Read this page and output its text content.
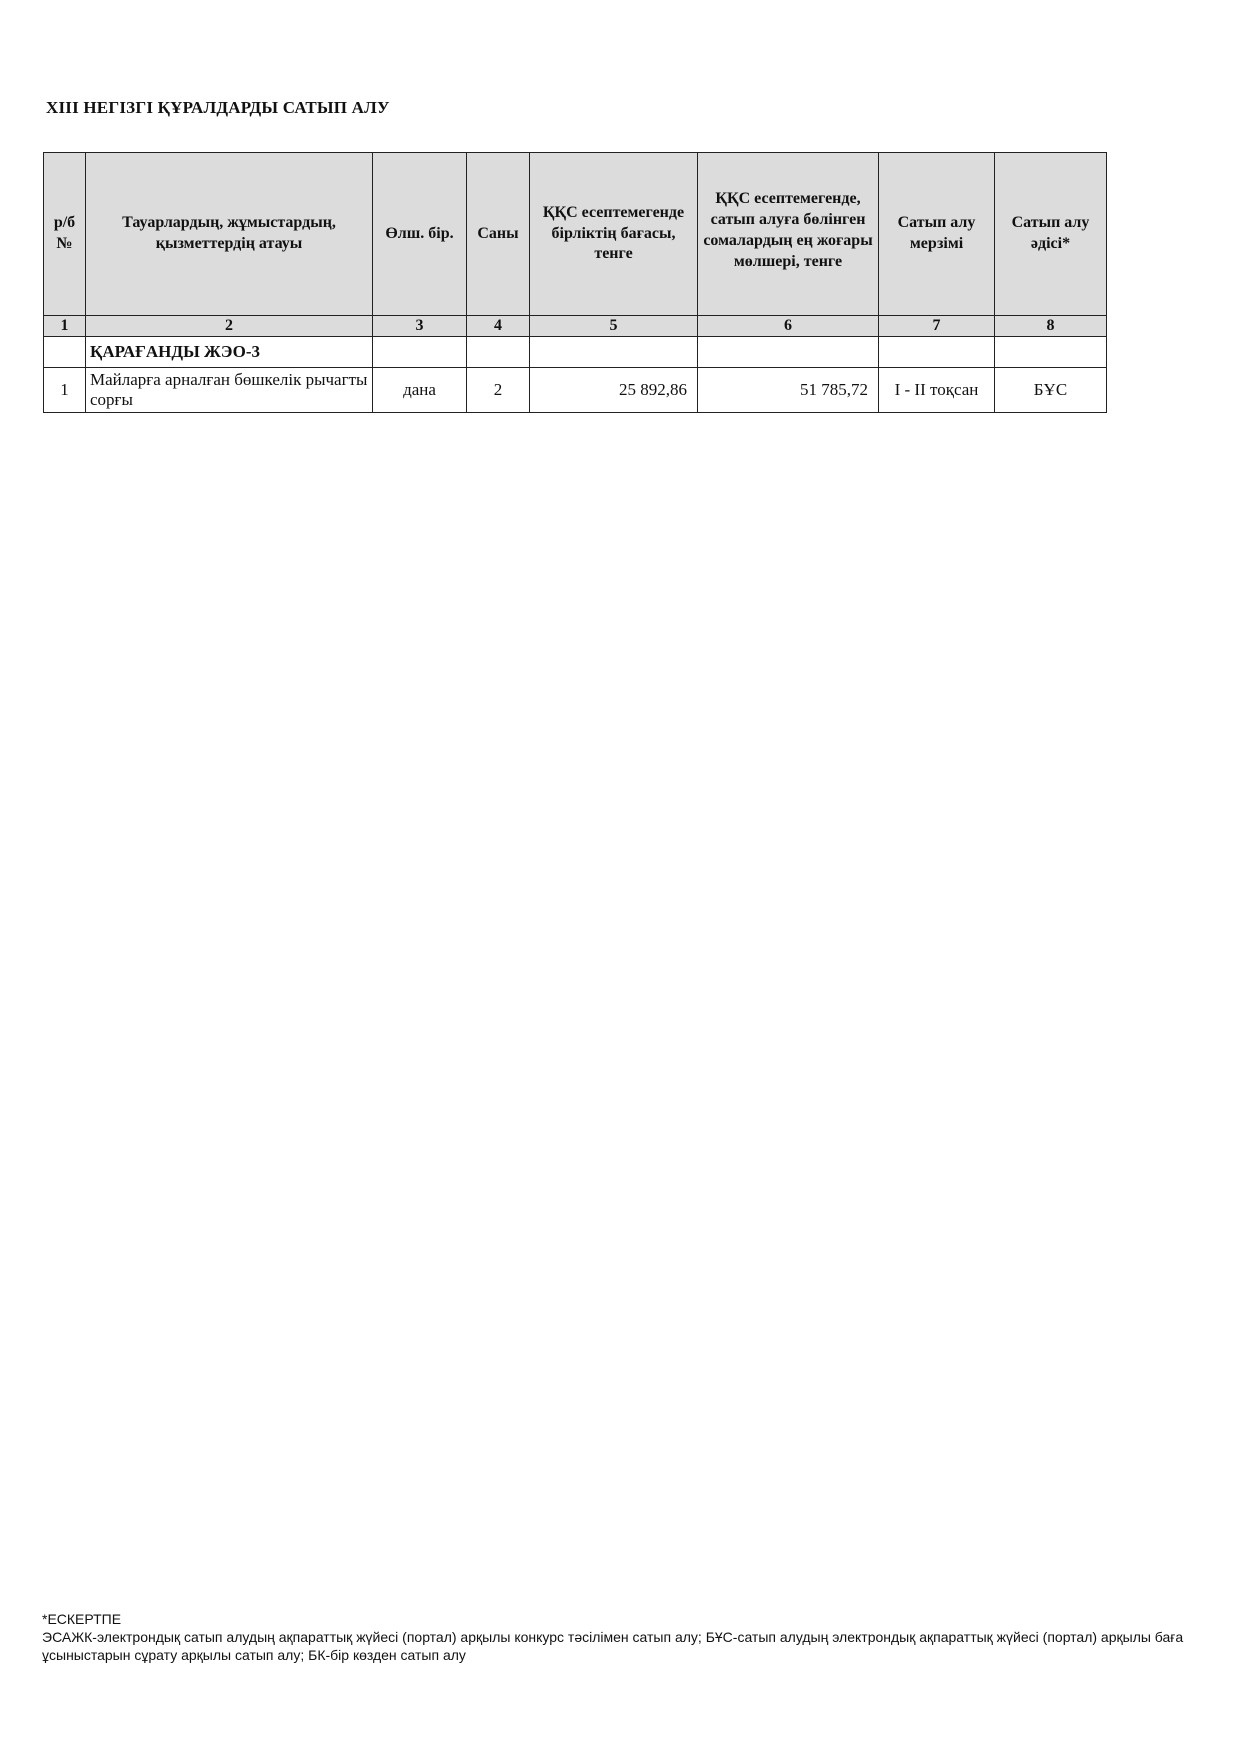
XIII НЕГІЗГІ ҚҰРАЛДАРДЫ САТЫП АЛУ
р/б №	Тауарлардың, жұмыстардың, қызметтердің атауы	Өлш. бір.	Саны	ҚҚС есептемегенде бірліктің бағасы, тенге	ҚҚС есептемегенде, сатып алуға бөлінген сомалардың ең жоғары мөлшері, тенге	Сатып алу мерзімі	Сатып алу әдісі*
1	2	3	4	5	6	7	8
	ҚАРАҒАНДЫ ЖЭО-3						
1	Майларға арналған бөшкелік рычагты сорғы	дана	2	25 892,86	51 785,72	І - ІІ тоқсан	БҰС
*ЕСКЕРТПЕ
ЭСАЖК-электрондық сатып алудың ақпараттық жүйесі (портал) арқылы конкурс тәсілімен сатып алу; БҰС-сатып алудың электрондық ақпараттық жүйесі (портал) арқылы баға ұсыныстарын сұрату арқылы сатып алу; БК-бір көзден сатып алу
